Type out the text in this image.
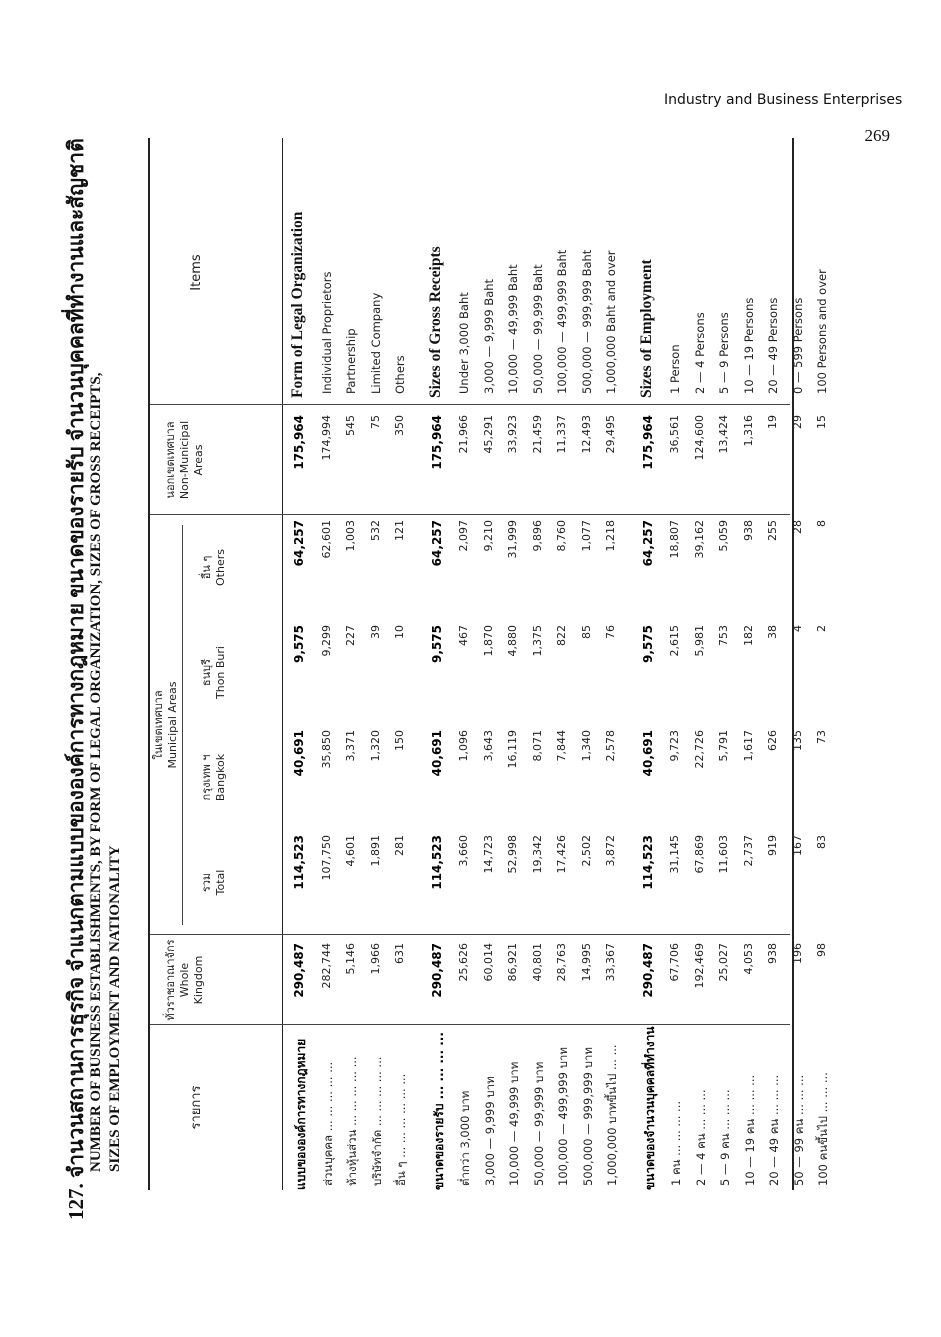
Industry and Business Enterprises
269
127. จำนวนสถานการธุรกิจ จำแนกตามแบบขององค์การทางกฎหมาย ขนาดของรายรับ จำนวนบุคคลที่ทำงานและสัญชาติ NUMBER OF BUSINESS ESTABLISHMENTS, BY FORM OF LEGAL ORGANIZATION, SIZES OF GROSS RECEIPTS, SIZES OF EMPLOYMENT AND NATIONALITY	รายการ
Items
ทั่วราชอาณาจักร Whole Kingdom
ในเขตเทศบาล Municipal Areas
รวม Total
กรุงเทพ ฯ Bangkok
ธนบุรี Thon Buri
อื่น ๆ Others
นอกเขตเทศบาล Non-Municipal Areas
แบบขององค์การทางกฎหมาย
Form of Legal Organization
290,487
114,523
40,691
9,575
64,257
175,964
ส่วนบุคคล ... ... ... ... ...
Individual Proprietors
282,744
107,750
35,850
9,299
62,601
174,994
ห้างหุ้นส่วน ... ... ... ... ...
Partnership
5,146
4,601
3,371
227
1,003
545
บริษัทจำกัด ... ... ... ... ...
Limited Company
1,966
1,891
1,320
39
532
75
อื่น ๆ ... ... ... ... ... ...
Others
631
281
150
10
121
350
ขนาดของรายรับ ... ... ... ...
Sizes of Gross Receipts
290,487
114,523
40,691
9,575
64,257
175,964
ต่ำกว่า 3,000 บาท
Under 3,000 Baht
25,626
3,660
1,096
467
2,097
21,966
3,000 — 9,999 บาท
3,000 — 9,999 Baht
60,014
14,723
3,643
1,870
9,210
45,291
10,000 — 49,999 บาท
10,000 — 49,999 Baht
86,921
52,998
16,119
4,880
31,999
33,923
50,000 — 99,999 บาท
50,000 — 99,999 Baht
40,801
19,342
8,071
1,375
9,896
21,459
100,000 — 499,999 บาท
100,000 — 499,999 Baht
28,763
17,426
7,844
822
8,760
11,337
500,000 — 999,999 บาท
500,000 — 999,999 Baht
14,995
2,502
1,340
85
1,077
12,493
1,000,000 บาทขึ้นไป ... ...
1,000,000 Baht and over
33,367
3,872
2,578
76
1,218
29,495
ขนาดของจำนวนบุคคลที่ทำงาน
Sizes of Employment
290,487
114,523
40,691
9,575
64,257
175,964
1 คน ... ... ... ...
1 Person
67,706
31,145
9,723
2,615
18,807
36,561
2 — 4 คน ... ... ...
2 — 4 Persons
192,469
67,869
22,726
5,981
39,162
124,600
5 — 9 คน ... ... ...
5 — 9 Persons
25,027
11,603
5,791
753
5,059
13,424
10 — 19 คน ... ... ...
10 — 19 Persons
4,053
2,737
1,617
182
938
1,316
20 — 49 คน ... ... ...
20 — 49 Persons
938
919
626
38
255
19
50 — 99 คน ... ... ...
0 — 599 Persons
196
167
135
4
28
29
100 คนขึ้นไป ... ... ...
100 Persons and over
98
83
73
2
8
15
